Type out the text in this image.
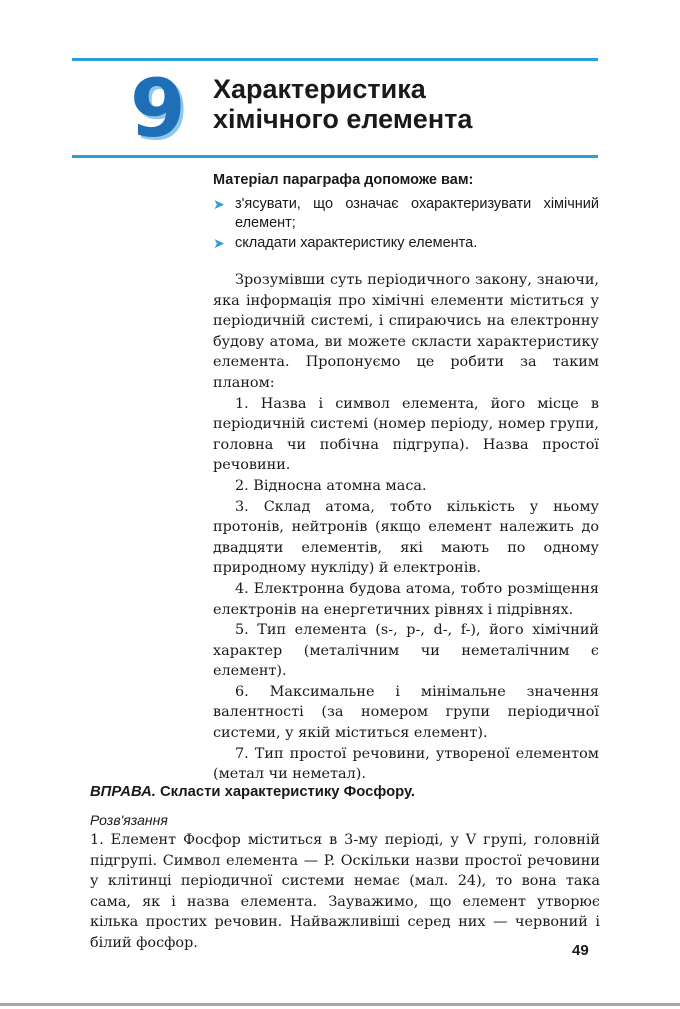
9 Характеристика
хімічного елемента
Матеріал параграфа допоможе вам:
➤ з'ясувати, що означає охарактеризувати хімічний елемент;
➤ складати характеристику елемента.

Зрозумівши суть періодичного закону, знаючи, яка інформація про хімічні елементи міститься у періодичній системі, і спираючись на електронну будову атома, ви можете скласти характеристику елемента. Пропонуємо це робити за таким планом:

1. Назва і символ елемента, його місце в періодичній системі (номер періоду, номер групи, головна чи побічна підгрупа). Назва простої речовини.

2. Відносна атомна маса.

3. Склад атома, тобто кількість у ньому протонів, нейтронів (якщо елемент належить до двадцяти елементів, які мають по одному природному нукліду) й електронів.

4. Електронна будова атома, тобто розміщення електронів на енергетичних рівнях і підрівнях.

5. Тип елемента (s-, p-, d-, f-), його хімічний характер (металічним чи неметалічним є елемент).

6. Максимальне і мінімальне значення валентності (за номером групи періодичної системи, у якій міститься елемент).

7. Тип простої речовини, утвореної елементом (метал чи неметал).

ВПРАВА. Скласти характеристику Фосфору.
Розв'язання

1. Елемент Фосфор міститься в 3-му періоді, у V групі, головній підгрупі. Символ елемента — P. Оскільки назви простої речовини у клітинці періодичної системи немає (мал. 24), то вона така сама, як і назва елемента. Зауважимо, що елемент утворює кілька простих речовин. Найважливіші серед них — червоний і білий фосфор.	49
